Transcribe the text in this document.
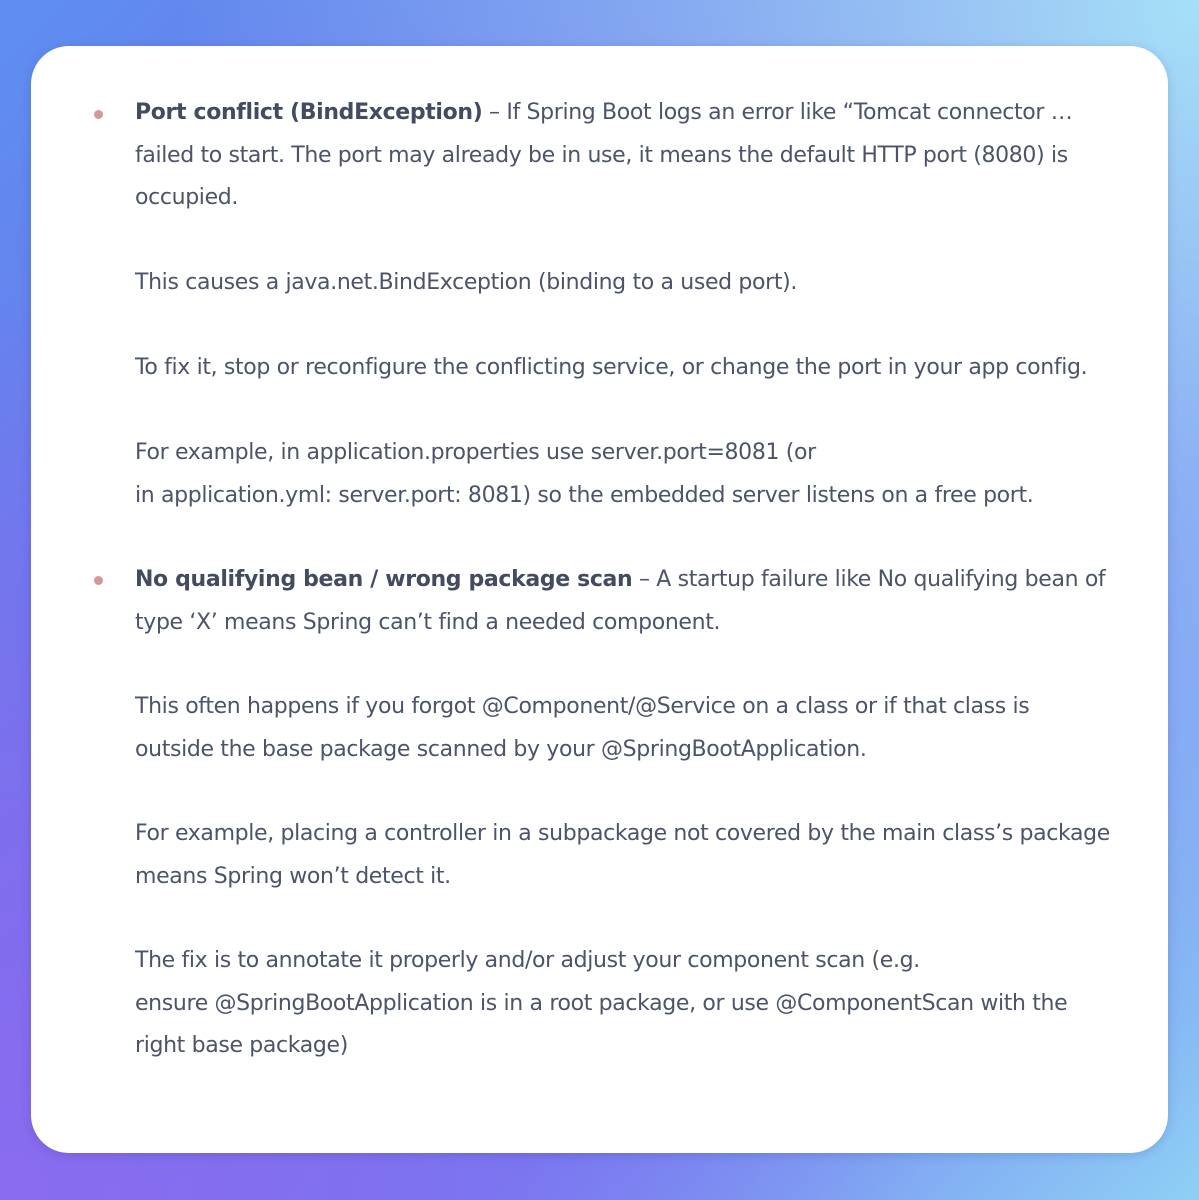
Port conflict (BindException) – If Spring Boot logs an error like “Tomcat connector …
failed to start. The port may already be in use, it means the default HTTP port (8080) is
occupied.

This causes a java.net.BindException (binding to a used port).

To fix it, stop or reconfigure the conflicting service, or change the port in your app config.

For example, in application.properties use server.port=8081 (or
in application.yml: server.port: 8081) so the embedded server listens on a free port.

No qualifying bean / wrong package scan – A startup failure like No qualifying bean of
type ‘X’ means Spring can’t find a needed component.

This often happens if you forgot @Component/@Service on a class or if that class is
outside the base package scanned by your @SpringBootApplication.

For example, placing a controller in a subpackage not covered by the main class’s package
means Spring won’t detect it.

The fix is to annotate it properly and/or adjust your component scan (e.g.
ensure @SpringBootApplication is in a root package, or use @ComponentScan with the
right base package)
